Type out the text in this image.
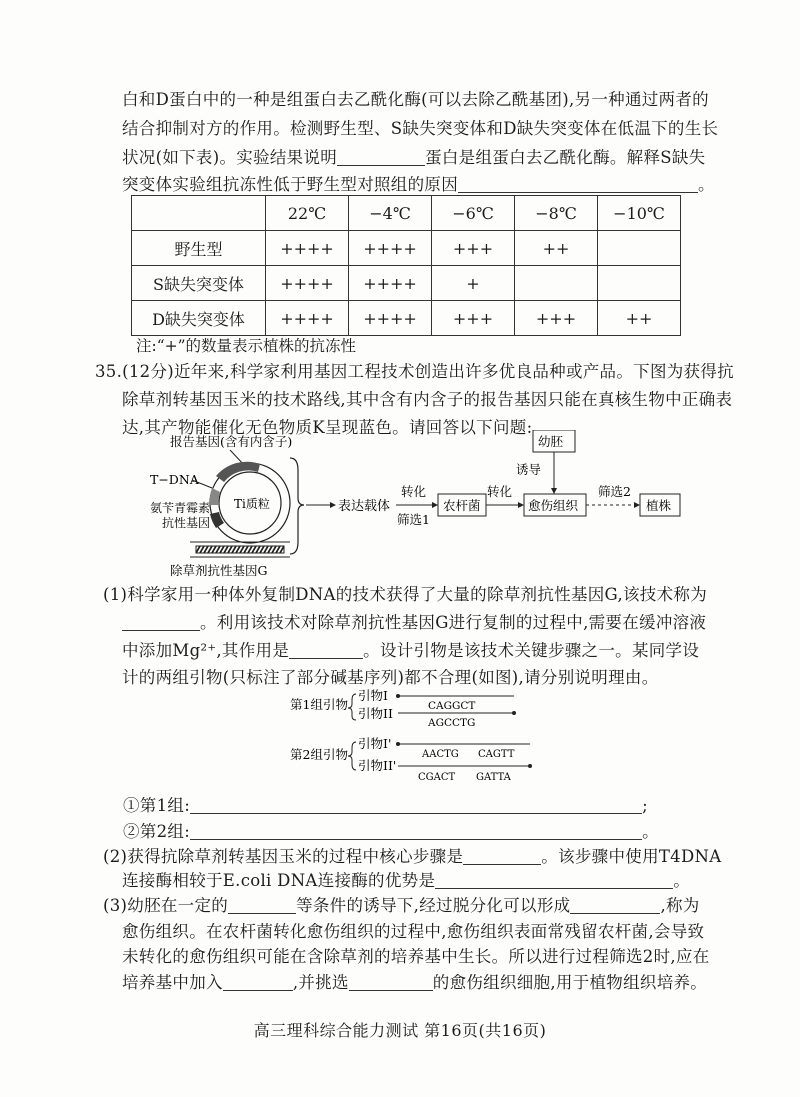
白和D蛋白中的一种是组蛋白去乙酰化酶(可以去除乙酰基团),另一种通过两者的
结合抑制对方的作用。检测野生型、S缺失突变体和D缺失突变体在低温下的生长
状况(如下表)。实验结果说明	蛋白是组蛋白去乙酰化酶。解释S缺失
突变体实验组抗冻性低于野生型对照组的原因	。
	22℃	−4℃	−6℃	−8℃	−10℃
野生型	++++	++++	+++	++	
S缺失突变体	++++	++++	+		
D缺失突变体	++++	++++	+++	+++	++
注:“+”的数量表示植株的抗冻性
35.(12分)近年来,科学家利用基因工程技术创造出许多优良品种或产品。下图为获得抗
除草剂转基因玉米的技术路线,其中含有内含子的报告基因只能在真核生物中正确表
达,其产物能催化无色物质K呈现蓝色。请回答以下问题:
报告基因(含有内含子)
Ti质粒
T−DNA
氨苄青霉素
抗性基因
除草剂抗性基因G
表达载体
转化
筛选1
农杆菌
转化
愈伤组织
幼胚
诱导
筛选2
植株
(1)科学家用一种体外复制DNA的技术获得了大量的除草剂抗性基因G,该技术称为
。利用该技术对除草剂抗性基因G进行复制的过程中,需要在缓冲溶液
中添加Mg²⁺,其作用是	。设计引物是该技术关键步骤之一。某同学设
计的两组引物(只标注了部分碱基序列)都不合理(如图),请分别说明理由。
第1组引物
引物I
引物II	CAGGCT
AGCCTG
第2组引物
引物I'
引物II'
AACTG CAGTT
CGACT GATTA
①第1组:	;
②第2组:	。
(2)获得抗除草剂转基因玉米的过程中核心步骤是	。该步骤中使用T4DNA
连接酶相较于E.coli DNA连接酶的优势是	。
(3)幼胚在一定的	等条件的诱导下,经过脱分化可以形成	,称为
愈伤组织。在农杆菌转化愈伤组织的过程中,愈伤组织表面常残留农杆菌,会导致
未转化的愈伤组织可能在含除草剂的培养基中生长。所以进行过程筛选2时,应在
培养基中加入	,并挑选	的愈伤组织细胞,用于植物组织培养。
高三理科综合能力测试 第16页(共16页)
